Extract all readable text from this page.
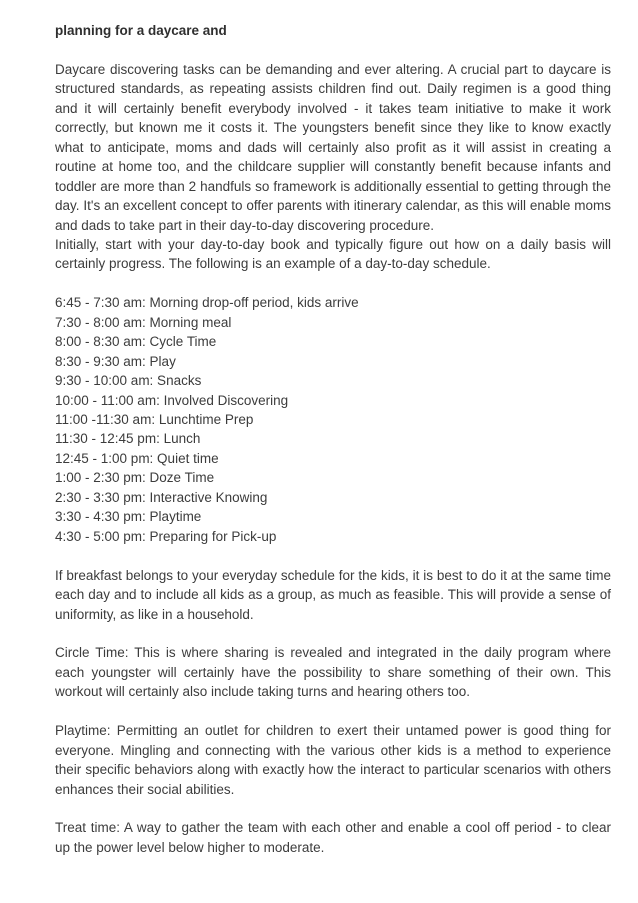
planning for a daycare and

Daycare discovering tasks can be demanding and ever altering. A crucial part to daycare is structured standards, as repeating assists children find out. Daily regimen is a good thing and it will certainly benefit everybody involved - it takes team initiative to make it work correctly, but known me it costs it. The youngsters benefit since they like to know exactly what to anticipate, moms and dads will certainly also profit as it will assist in creating a routine at home too, and the childcare supplier will constantly benefit because infants and toddler are more than 2 handfuls so framework is additionally essential to getting through the day. It's an excellent concept to offer parents with itinerary calendar, as this will enable moms and dads to take part in their day-to-day discovering procedure.

Initially, start with your day-to-day book and typically figure out how on a daily basis will certainly progress. The following is an example of a day-to-day schedule.

6:45 - 7:30 am: Morning drop-off period, kids arrive
7:30 - 8:00 am: Morning meal
8:00 - 8:30 am: Cycle Time
8:30 - 9:30 am: Play
9:30 - 10:00 am: Snacks
10:00 - 11:00 am: Involved Discovering
11:00 -11:30 am: Lunchtime Prep
11:30 - 12:45 pm: Lunch
12:45 - 1:00 pm: Quiet time
1:00 - 2:30 pm: Doze Time
2:30 - 3:30 pm: Interactive Knowing
3:30 - 4:30 pm: Playtime
4:30 - 5:00 pm: Preparing for Pick-up

If breakfast belongs to your everyday schedule for the kids, it is best to do it at the same time each day and to include all kids as a group, as much as feasible. This will provide a sense of uniformity, as like in a household.

Circle Time: This is where sharing is revealed and integrated in the daily program where each youngster will certainly have the possibility to share something of their own. This workout will certainly also include taking turns and hearing others too.

Playtime: Permitting an outlet for children to exert their untamed power is good thing for everyone. Mingling and connecting with the various other kids is a method to experience their specific behaviors along with exactly how the interact to particular scenarios with others enhances their social abilities.

Treat time: A way to gather the team with each other and enable a cool off period - to clear up the power level below higher to moderate.
